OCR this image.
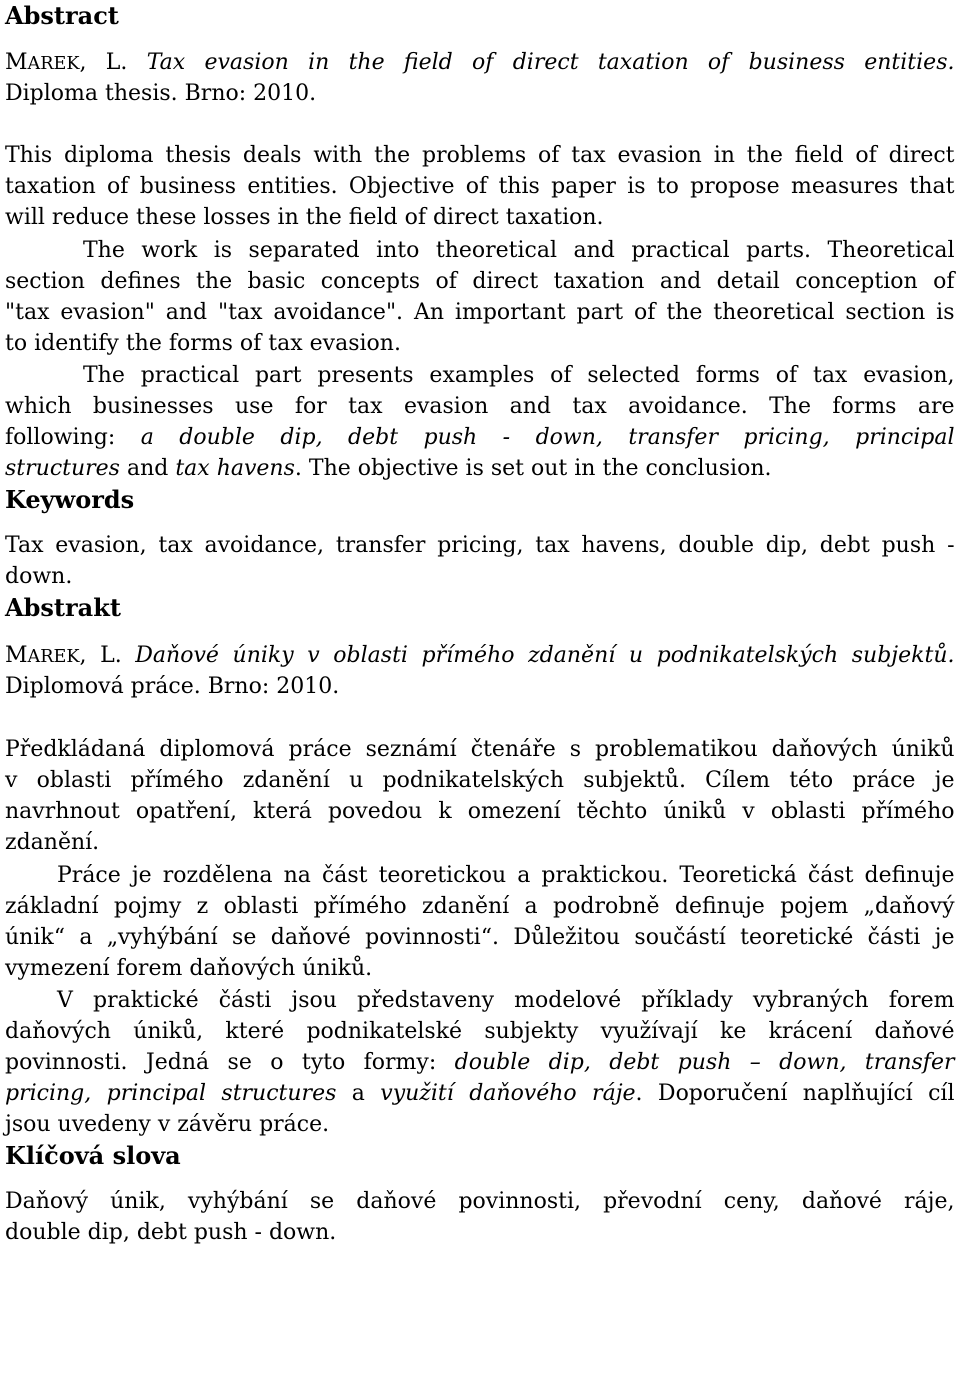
Abstract
MAREK, L. Tax evasion in the field of direct taxation of business entities.
Diploma thesis. Brno: 2010.
This diploma thesis deals with the problems of tax evasion in the field of direct
taxation of business entities. Objective of this paper is to propose measures that
will reduce these losses in the field of direct taxation.
The work is separated into theoretical and practical parts. Theoretical
section defines the basic concepts of direct taxation and detail conception of
"tax evasion" and "tax avoidance". An important part of the theoretical section is
to identify the forms of tax evasion.
The practical part presents examples of selected forms of tax evasion,
which businesses use for tax evasion and tax avoidance. The forms are
following: a double dip, debt push - down, transfer pricing, principal
structures and tax havens. The objective is set out in the conclusion.
Keywords
Tax evasion, tax avoidance, transfer pricing, tax havens, double dip, debt push -
down.
Abstrakt
MAREK, L. Daňové úniky v oblasti přímého zdanění u podnikatelských subjektů.
Diplomová práce. Brno: 2010.
Předkládaná diplomová práce seznámí čtenáře s problematikou daňových úniků
v oblasti přímého zdanění u podnikatelských subjektů. Cílem této práce je
navrhnout opatření, která povedou k omezení těchto úniků v oblasti přímého
zdanění.
Práce je rozdělena na část teoretickou a praktickou. Teoretická část definuje
základní pojmy z oblasti přímého zdanění a podrobně definuje pojem „daňový
únik“ a „vyhýbání se daňové povinnosti“. Důležitou součástí teoretické části je
vymezení forem daňových úniků.
V praktické části jsou představeny modelové příklady vybraných forem
daňových úniků, které podnikatelské subjekty využívají ke krácení daňové
povinnosti. Jedná se o tyto formy: double dip, debt push – down, transfer
pricing, principal structures a využití daňového ráje. Doporučení naplňující cíl
jsou uvedeny v závěru práce.
Klíčová slova
Daňový únik, vyhýbání se daňové povinnosti, převodní ceny, daňové ráje,
double dip, debt push - down.
